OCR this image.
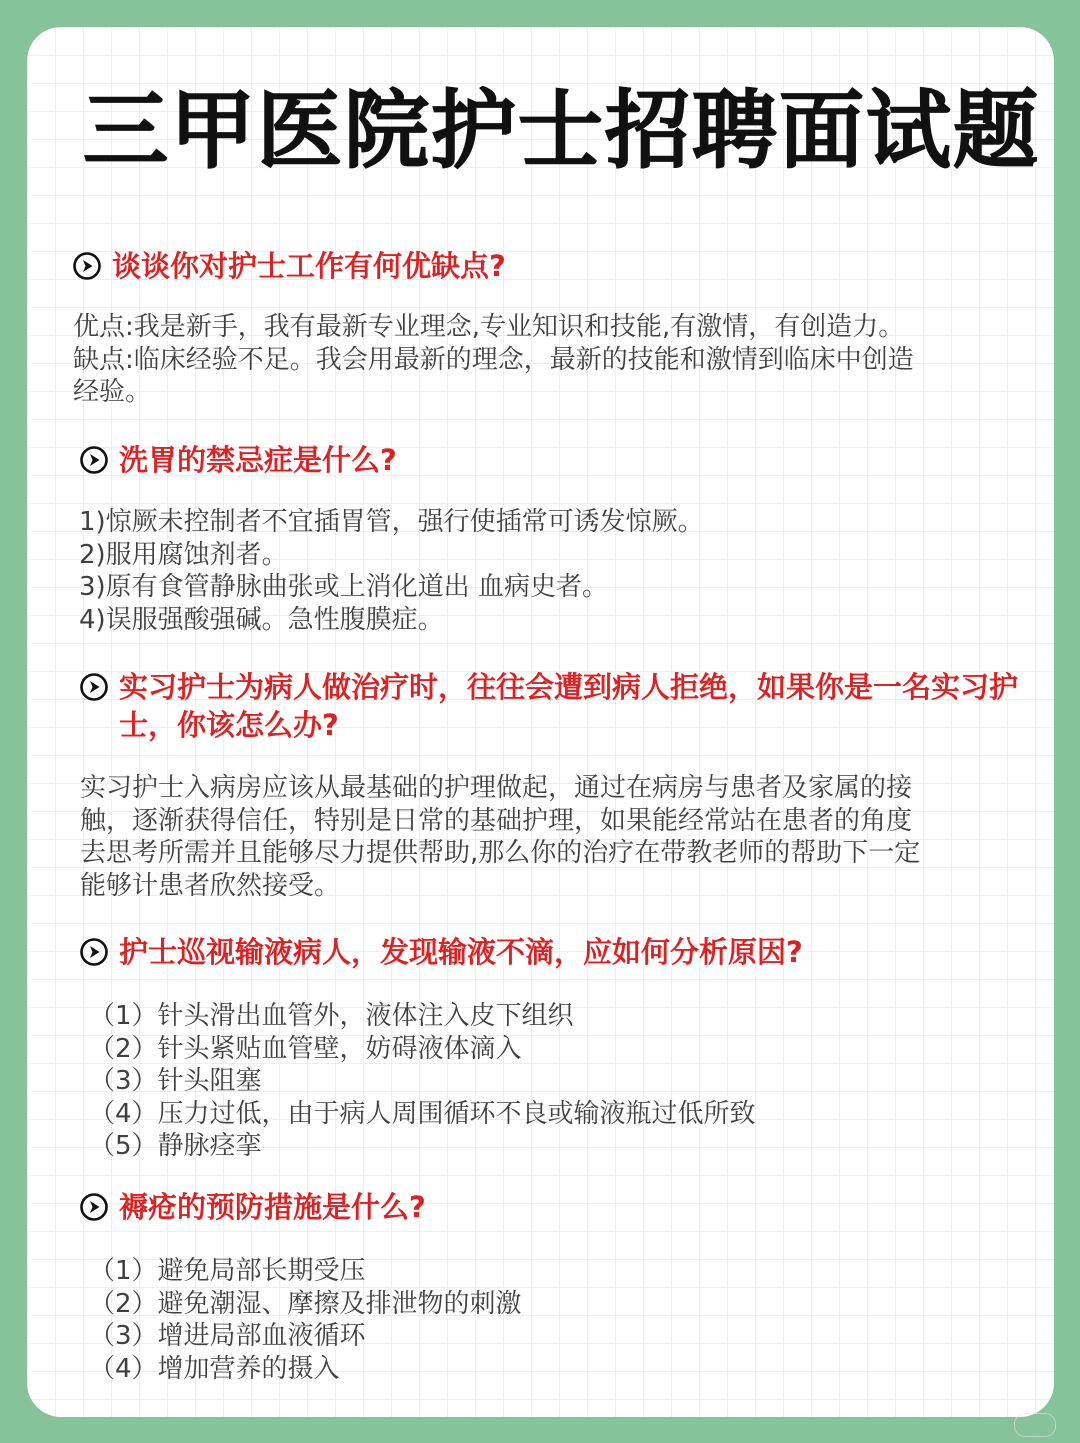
三甲医院护士招聘面试题
谈谈你对护士工作有何优缺点?
优点:我是新手，我有最新专业理念,专业知识和技能,有激情，有创造力。
缺点:临床经验不足。我会用最新的理念，最新的技能和激情到临床中创造
经验。
洗胃的禁忌症是什么?
1)惊厥未控制者不宜插胃管，强行使插常可诱发惊厥。
2)服用腐蚀剂者。
3)原有食管静脉曲张或上消化道出 血病史者。
4)误服强酸强碱。急性腹膜症。
实习护士为病人做治疗时，往往会遭到病人拒绝，如果你是一名实习护士，你该怎么办?
实习护士入病房应该从最基础的护理做起，通过在病房与患者及家属的接
触，逐渐获得信任，特别是日常的基础护理，如果能经常站在患者的角度
去思考所需并且能够尽力提供帮助,那么你的治疗在带教老师的帮助下一定
能够计患者欣然接受。
护士巡视输液病人，发现输液不滴，应如何分析原因?
（1）针头滑出血管外，液体注入皮下组织
（2）针头紧贴血管壁，妨碍液体滴入
（3）针头阻塞
（4）压力过低，由于病人周围循环不良或输液瓶过低所致
（5）静脉痉挛
褥疮的预防措施是什么?
（1）避免局部长期受压
（2）避免潮湿、摩擦及排泄物的刺激
（3）增进局部血液循环
（4）增加营养的摄入
